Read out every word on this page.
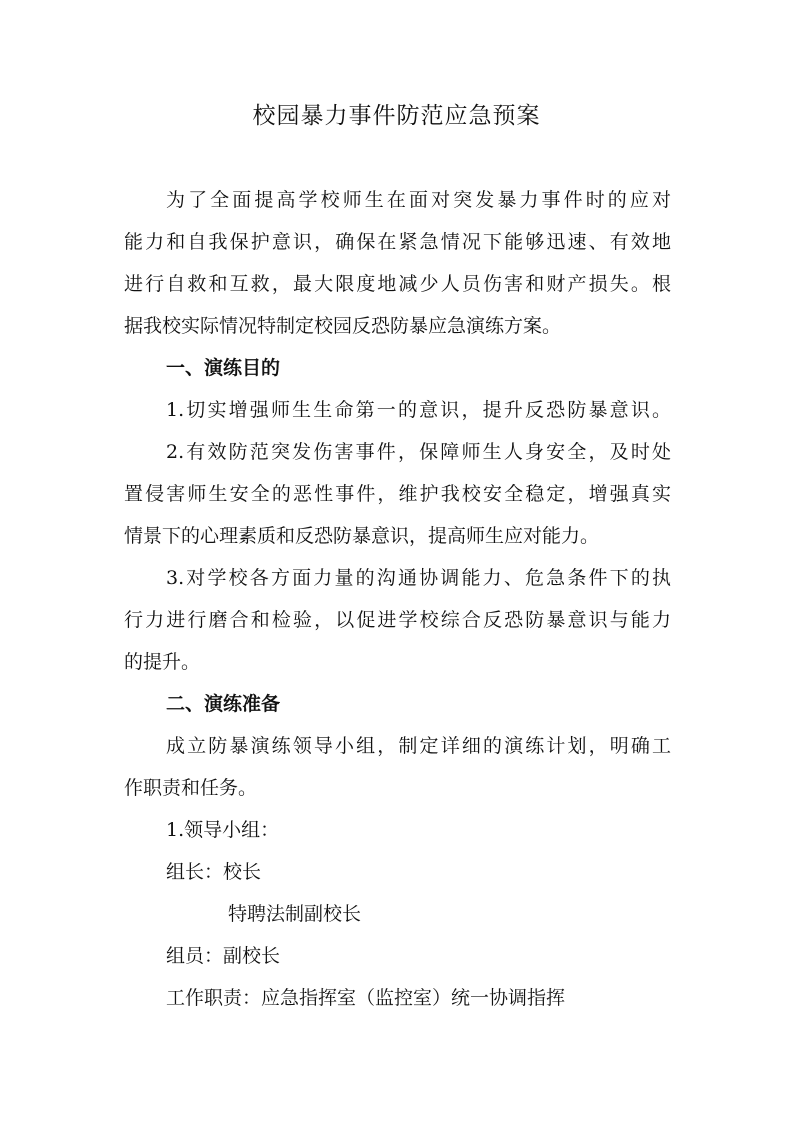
校园暴力事件防范应急预案
为了全面提高学校师生在面对突发暴力事件时的应对
能力和自我保护意识，确保在紧急情况下能够迅速、有效地
进行自救和互救，最大限度地减少人员伤害和财产损失。根
据我校实际情况特制定校园反恐防暴应急演练方案。
一、演练目的
1.切实增强师生生命第一的意识，提升反恐防暴意识。
2.有效防范突发伤害事件，保障师生人身安全，及时处
置侵害师生安全的恶性事件，维护我校安全稳定，增强真实
情景下的心理素质和反恐防暴意识，提高师生应对能力。
3.对学校各方面力量的沟通协调能力、危急条件下的执
行力进行磨合和检验，以促进学校综合反恐防暴意识与能力
的提升。
二、演练准备
成立防暴演练领导小组，制定详细的演练计划，明确工
作职责和任务。
1.领导小组：
组长：校长
特聘法制副校长
组员：副校长
工作职责：应急指挥室（监控室）统一协调指挥
